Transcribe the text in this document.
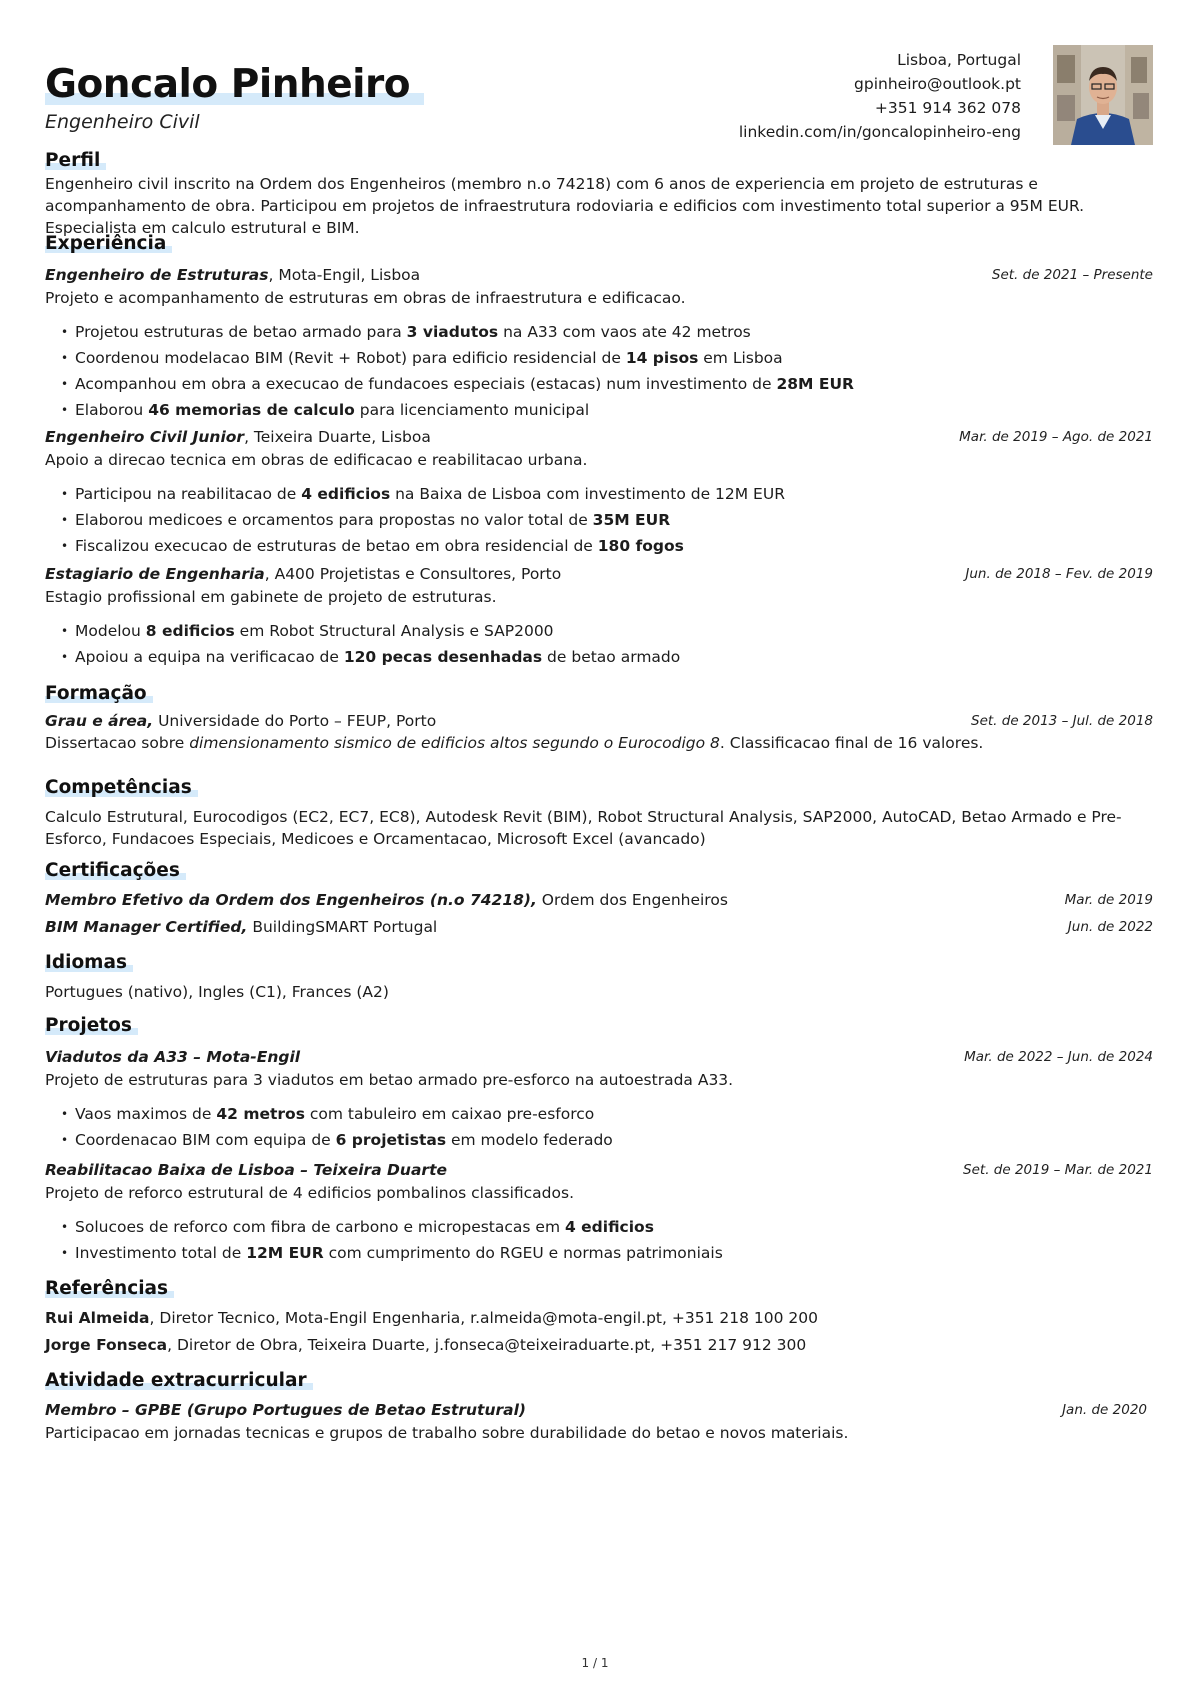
Goncalo Pinheiro
Engenheiro Civil
Lisboa, Portugal
gpinheiro@outlook.pt
+351 914 362 078
linkedin.com/in/goncalopinheiro-eng
Perfil
Engenheiro civil inscrito na Ordem dos Engenheiros (membro n.o 74218) com 6 anos de experiencia em projeto de estruturas e acompanhamento de obra. Participou em projetos de infraestrutura rodoviaria e edificios com investimento total superior a 95M EUR. Especialista em calculo estrutural e BIM.
Experiência
Engenheiro de Estruturas, Mota-Engil, Lisboa	Set. de 2021 – Presente
Projeto e acompanhamento de estruturas em obras de infraestrutura e edificacao.
• Projetou estruturas de betao armado para 3 viadutos na A33 com vaos ate 42 metros
• Coordenou modelacao BIM (Revit + Robot) para edificio residencial de 14 pisos em Lisboa
• Acompanhou em obra a execucao de fundacoes especiais (estacas) num investimento de 28M EUR
• Elaborou 46 memorias de calculo para licenciamento municipal
Engenheiro Civil Junior, Teixeira Duarte, Lisboa	Mar. de 2019 – Ago. de 2021
Apoio a direcao tecnica em obras de edificacao e reabilitacao urbana.
• Participou na reabilitacao de 4 edificios na Baixa de Lisboa com investimento de 12M EUR
• Elaborou medicoes e orcamentos para propostas no valor total de 35M EUR
• Fiscalizou execucao de estruturas de betao em obra residencial de 180 fogos
Estagiario de Engenharia, A400 Projetistas e Consultores, Porto	Jun. de 2018 – Fev. de 2019
Estagio profissional em gabinete de projeto de estruturas.
• Modelou 8 edificios em Robot Structural Analysis e SAP2000
• Apoiou a equipa na verificacao de 120 pecas desenhadas de betao armado
Formação
Grau e área, Universidade do Porto – FEUP, Porto	Set. de 2013 – Jul. de 2018
Dissertacao sobre dimensionamento sismico de edificios altos segundo o Eurocodigo 8. Classificacao final de 16 valores.
Competências
Calculo Estrutural, Eurocodigos (EC2, EC7, EC8), Autodesk Revit (BIM), Robot Structural Analysis, SAP2000, AutoCAD, Betao Armado e Pre-Esforco, Fundacoes Especiais, Medicoes e Orcamentacao, Microsoft Excel (avancado)
Certificações
Membro Efetivo da Ordem dos Engenheiros (n.o 74218), Ordem dos Engenheiros	Mar. de 2019
BIM Manager Certified, BuildingSMART Portugal	Jun. de 2022
Idiomas
Portugues (nativo), Ingles (C1), Frances (A2)
Projetos
Viadutos da A33 – Mota-Engil	Mar. de 2022 – Jun. de 2024
Projeto de estruturas para 3 viadutos em betao armado pre-esforco na autoestrada A33.
• Vaos maximos de 42 metros com tabuleiro em caixao pre-esforco
• Coordenacao BIM com equipa de 6 projetistas em modelo federado
Reabilitacao Baixa de Lisboa – Teixeira Duarte	Set. de 2019 – Mar. de 2021
Projeto de reforco estrutural de 4 edificios pombalinos classificados.
• Solucoes de reforco com fibra de carbono e micropestacas em 4 edificios
• Investimento total de 12M EUR com cumprimento do RGEU e normas patrimoniais
Referências
Rui Almeida, Diretor Tecnico, Mota-Engil Engenharia, r.almeida@mota-engil.pt, +351 218 100 200
Jorge Fonseca, Diretor de Obra, Teixeira Duarte, j.fonseca@teixeiraduarte.pt, +351 217 912 300
Atividade extracurricular
Membro – GPBE (Grupo Portugues de Betao Estrutural)	Jan. de 2020
Participacao em jornadas tecnicas e grupos de trabalho sobre durabilidade do betao e novos materiais.
1 / 1
